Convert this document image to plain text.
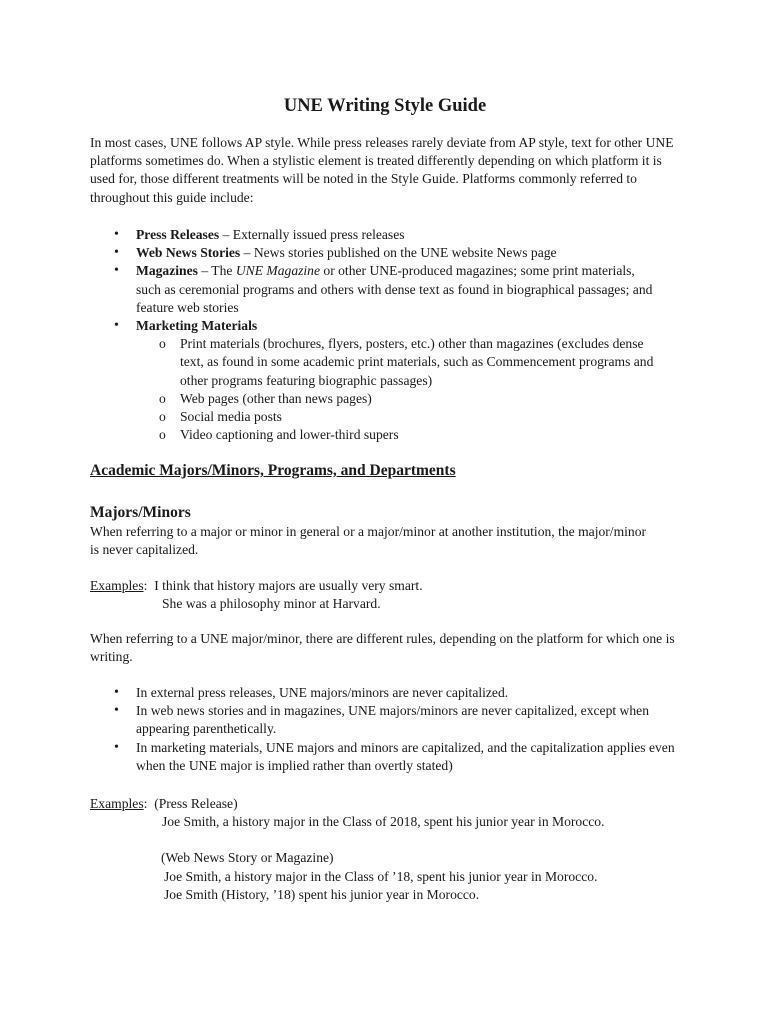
UNE Writing Style Guide

In most cases, UNE follows AP style. While press releases rarely deviate from AP style, text for other UNE platforms sometimes do. When a stylistic element is treated differently depending on which platform it is used for, those different treatments will be noted in the Style Guide. Platforms commonly referred to throughout this guide include:

• Press Releases – Externally issued press releases
• Web News Stories – News stories published on the UNE website News page
• Magazines – The UNE Magazine or other UNE-produced magazines; some print materials, such as ceremonial programs and others with dense text as found in biographical passages; and feature web stories
• Marketing Materials
o Print materials (brochures, flyers, posters, etc.) other than magazines (excludes dense text, as found in some academic print materials, such as Commencement programs and other programs featuring biographic passages)
o Web pages (other than news pages)
o Social media posts
o Video captioning and lower-third supers
Academic Majors/Minors, Programs, and Departments
Majors/Minors

When referring to a major or minor in general or a major/minor at another institution, the major/minor is never capitalized.

Examples: I think that history majors are usually very smart.
She was a philosophy minor at Harvard.

When referring to a UNE major/minor, there are different rules, depending on the platform for which one is writing.

• In external press releases, UNE majors/minors are never capitalized.
• In web news stories and in magazines, UNE majors/minors are never capitalized, except when appearing parenthetically.
• In marketing materials, UNE majors and minors are capitalized, and the capitalization applies even when the UNE major is implied rather than overtly stated)
Examples: (Press Release)
Joe Smith, a history major in the Class of 2018, spent his junior year in Morocco.
(Web News Story or Magazine)
Joe Smith, a history major in the Class of ’18, spent his junior year in Morocco.
Joe Smith (History, ’18) spent his junior year in Morocco.
